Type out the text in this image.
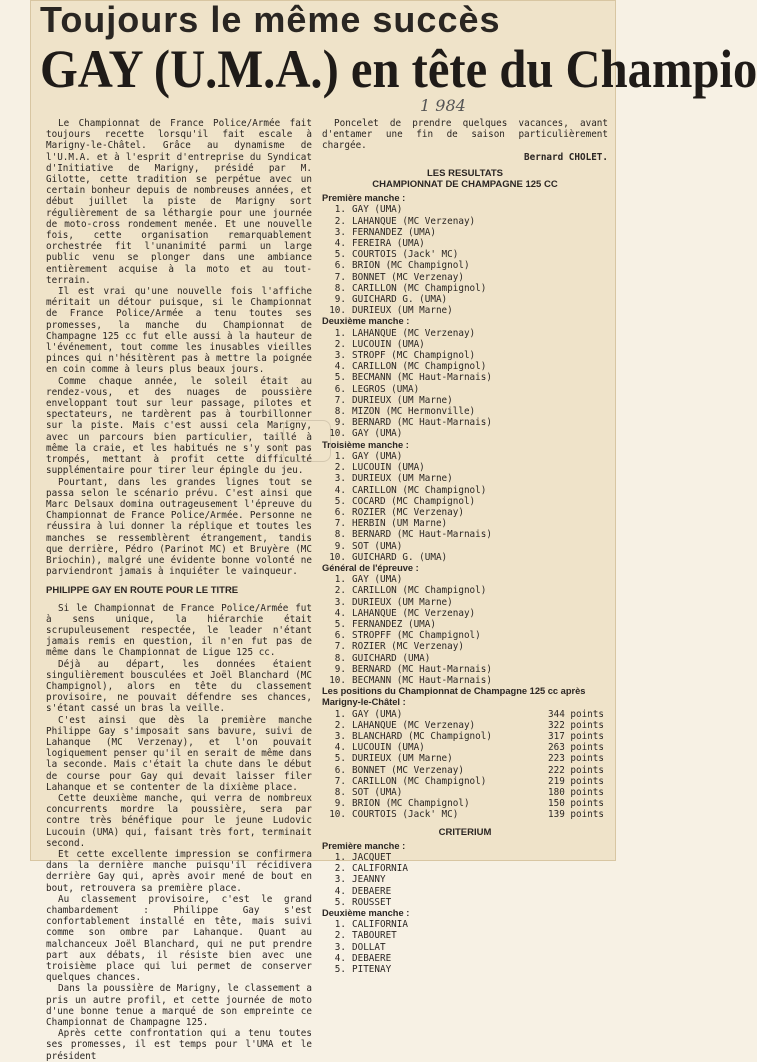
Toujours le même succès
GAY (U.M.A.) en tête du Champio
1 984

Le Championnat de France Police/Armée fait toujours recette lorsqu'il fait escale à Marigny-le-Châtel. Grâce au dynamisme de l'U.M.A. et à l'esprit d'entreprise du Syndicat d'Initiative de Marigny, présidé par M. Gilotte, cette tradition se perpétue avec un certain bonheur depuis de nombreuses années, et début juillet la piste de Marigny sort régulièrement de sa léthargie pour une journée de moto-cross rondement menée. Et une nouvelle fois, cette organisation remarquablement orchestrée fit l'unanimité parmi un large public venu se plonger dans une ambiance entièrement acquise à la moto et au tout-terrain.

Il est vrai qu'une nouvelle fois l'affiche méritait un détour puisque, si le Championnat de France Police/Armée a tenu toutes ses promesses, la manche du Championnat de Champagne 125 cc fut elle aussi à la hauteur de l'événement, tout comme les inusables vieilles pinces qui n'hésitèrent pas à mettre la poignée en coin comme à leurs plus beaux jours.

Comme chaque année, le soleil était au rendez-vous, et des nuages de poussière enveloppant tout sur leur passage, pilotes et spectateurs, ne tardèrent pas à tourbillonner sur la piste. Mais c'est aussi cela Marigny, avec un parcours bien particulier, taillé à même la craie, et les habitués ne s'y sont pas trompés, mettant à profit cette difficulté supplémentaire pour tirer leur épingle du jeu.

Pourtant, dans les grandes lignes tout se passa selon le scénario prévu. C'est ainsi que Marc Delsaux domina outrageusement l'épreuve du Championnat de France Police/Armée. Personne ne réussira à lui donner la réplique et toutes les manches se ressemblèrent étrangement, tandis que derrière, Pédro (Parinot MC) et Bruyère (MC Briochin), malgré une évidente bonne volonté ne parviendront jamais à inquiéter le vainqueur.

PHILIPPE GAY EN ROUTE POUR LE TITRE

Si le Championnat de France Police/Armée fut à sens unique, la hiérarchie était scrupuleusement respectée, le leader n'étant jamais remis en question, il n'en fut pas de même dans le Championnat de Ligue 125 cc.

Déjà au départ, les données étaient singulièrement bousculées et Joël Blanchard (MC Champignol), alors en tête du classement provisoire, ne pouvait défendre ses chances, s'étant cassé un bras la veille.

C'est ainsi que dès la première manche Philippe Gay s'imposait sans bavure, suivi de Lahanque (MC Verzenay), et l'on pouvait logiquement penser qu'il en serait de même dans la seconde. Mais c'était la chute dans le début de course pour Gay qui devait laisser filer Lahanque et se contenter de la dixième place.

Cette deuxième manche, qui verra de nombreux concurrents mordre la poussière, sera par contre très bénéfique pour le jeune Ludovic Lucouin (UMA) qui, faisant très fort, terminait second.

Et cette excellente impression se confirmera dans la dernière manche puisqu'il récidivera derrière Gay qui, après avoir mené de bout en bout, retrouvera sa première place.

Au classement provisoire, c'est le grand chambardement : Philippe Gay s'est confortablement installé en tête, mais suivi comme son ombre par Lahanque. Quant au malchanceux Joël Blanchard, qui ne put prendre part aux débats, il résiste bien avec une troisième place qui lui permet de conserver quelques chances.

Dans la poussière de Marigny, le classement a pris un autre profil, et cette journée de moto d'une bonne tenue a marqué de son empreinte ce Championnat de Champagne 125.

Après cette confrontation qui a tenu toutes ses promesses, il est temps pour l'UMA et le président

Poncelet de prendre quelques vacances, avant d'entamer une fin de saison particulièrement chargée.

Bernard CHOLET.

LES RESULTATS

CHAMPIONNAT DE CHAMPAGNE 125 CC

Première manche :
1. GAY (UMA)
2. LAHANQUE (MC Verzenay)
3. FERNANDEZ (UMA)
4. FEREIRA (UMA)
5. COURTOIS (Jack' MC)
6. BRION (MC Champignol)
7. BONNET (MC Verzenay)
8. CARILLON (MC Champignol)
9. GUICHARD G. (UMA)
10. DURIEUX (UM Marne)
Deuxième manche :
1. LAHANQUE (MC Verzenay)
2. LUCOUIN (UMA)
3. STROPF (MC Champignol)
4. CARILLON (MC Champignol)
5. BECMANN (MC Haut-Marnais)
6. LEGROS (UMA)
7. DURIEUX (UM Marne)
8. MIZON (MC Hermonville)
9. BERNARD (MC Haut-Marnais)
10. GAY (UMA)
Troisième manche :
1. GAY (UMA)
2. LUCOUIN (UMA)
3. DURIEUX (UM Marne)
4. CARILLON (MC Champignol)
5. COCARD (MC Champignol)
6. ROZIER (MC Verzenay)
7. HERBIN (UM Marne)
8. BERNARD (MC Haut-Marnais)
9. SOT (UMA)
10. GUICHARD G. (UMA)
Général de l'épreuve :
1. GAY (UMA)
2. CARILLON (MC Champignol)
3. DURIEUX (UM Marne)
4. LAHANQUE (MC Verzenay)
5. FERNANDEZ (UMA)
6. STROPFF (MC Champignol)
7. ROZIER (MC Verzenay)
8. GUICHARD (UMA)
9. BERNARD (MC Haut-Marnais)
10. BECMANN (MC Haut-Marnais)
Les positions du Championnat de Champagne 125 cc après Marigny-le-Châtel :
1. GAY (UMA)	344 points
2. LAHANQUE (MC Verzenay)	322 points
3. BLANCHARD (MC Champignol)	317 points
4. LUCOUIN (UMA)	263 points
5. DURIEUX (UM Marne)	223 points
6. BONNET (MC Verzenay)	222 points
7. CARILLON (MC Champignol)	219 points
8. SOT (UMA)	180 points
9. BRION (MC Champignol)	150 points
10. COURTOIS (Jack' MC)	139 points

CRITERIUM

Première manche :
1. JACQUET
2. CALIFORNIA
3. JEANNY
4. DEBAERE
5. ROUSSET
Deuxième manche :
1. CALIFORNIA
2. TABOURET
3. DOLLAT
4. DEBAERE
5. PITENAY
